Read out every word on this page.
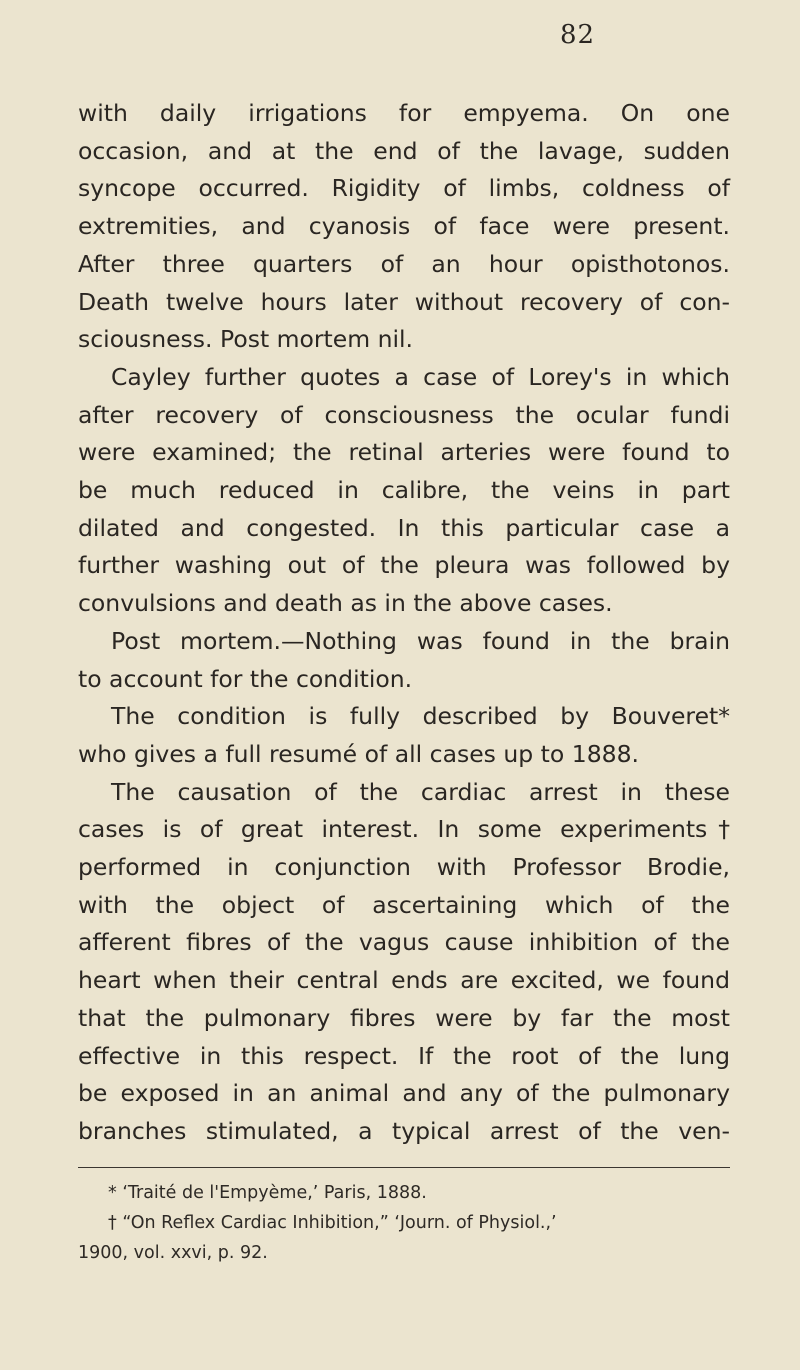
82
with daily irrigations for empyema. On one
occasion, and at the end of the lavage, sudden
syncope occurred. Rigidity of limbs, coldness of
extremities, and cyanosis of face were present.
After three quarters of an hour opisthotonos.
Death twelve hours later without recovery of con-
sciousness. Post mortem nil.
Cayley further quotes a case of Lorey's in which
after recovery of consciousness the ocular fundi
were examined; the retinal arteries were found to
be much reduced in calibre, the veins in part
dilated and congested. In this particular case a
further washing out of the pleura was followed by
convulsions and death as in the above cases.
Post mortem.—Nothing was found in the brain
to account for the condition.
The condition is fully described by Bouveret*
who gives a full resumé of all cases up to 1888.
The causation of the cardiac arrest in these
cases is of great interest. In some experiments†
performed in conjunction with Professor Brodie,
with the object of ascertaining which of the
afferent fibres of the vagus cause inhibition of the
heart when their central ends are excited, we found
that the pulmonary fibres were by far the most
effective in this respect. If the root of the lung
be exposed in an animal and any of the pulmonary
branches stimulated, a typical arrest of the ven-
* ‘Traité de l'Empyème,’ Paris, 1888.
† “On Reflex Cardiac Inhibition,” ‘Journ. of Physiol.,’
1900, vol. xxvi, p. 92.
